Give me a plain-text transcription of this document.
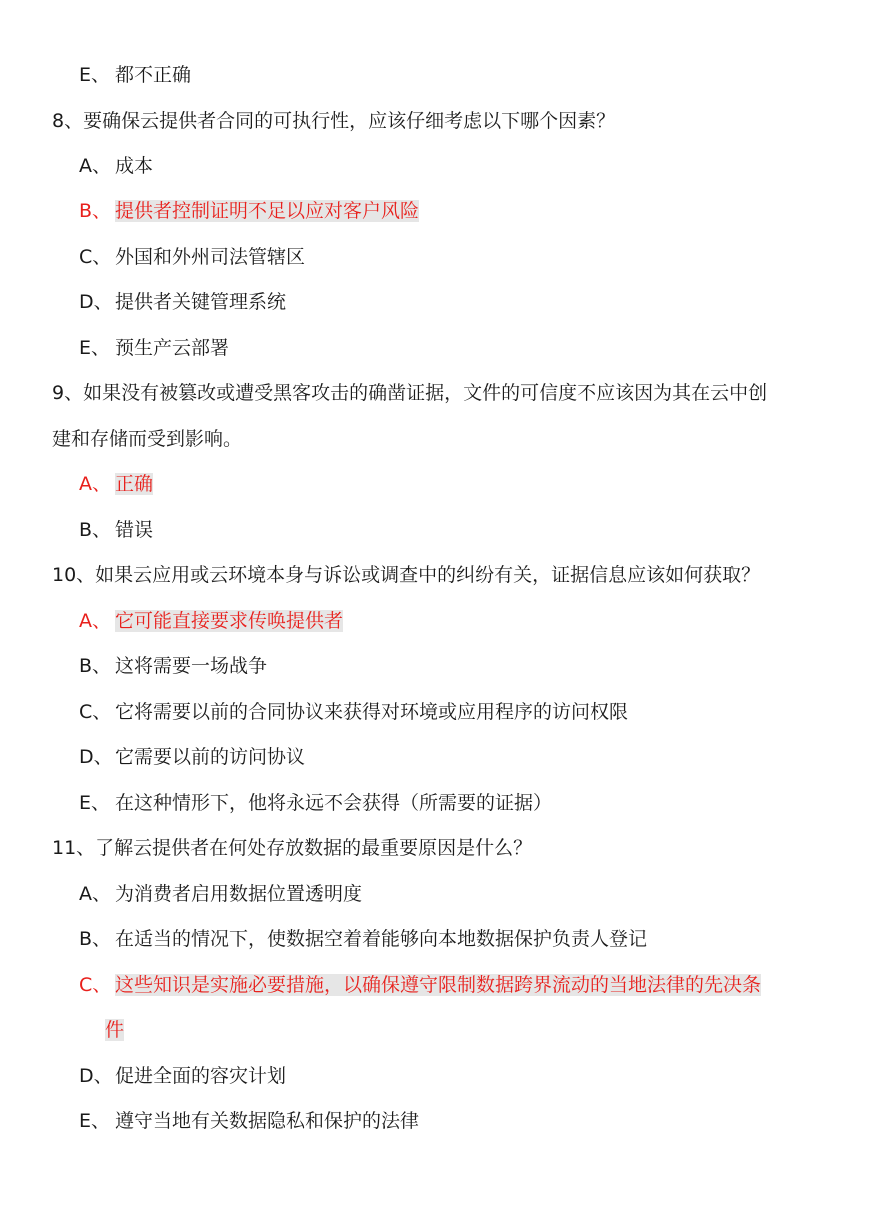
E、 都不正确
8、要确保云提供者合同的可执行性，应该仔细考虑以下哪个因素？
A、 成本
B、 提供者控制证明不足以应对客户风险
C、 外国和外州司法管辖区
D、 提供者关键管理系统
E、 预生产云部署
9、如果没有被篡改或遭受黑客攻击的确凿证据，文件的可信度不应该因为其在云中创
建和存储而受到影响。
A、 正确
B、 错误
10、如果云应用或云环境本身与诉讼或调查中的纠纷有关，证据信息应该如何获取？
A、 它可能直接要求传唤提供者
B、 这将需要一场战争
C、 它将需要以前的合同协议来获得对环境或应用程序的访问权限
D、 它需要以前的访问协议
E、 在这种情形下，他将永远不会获得（所需要的证据）
11、了解云提供者在何处存放数据的最重要原因是什么？
A、 为消费者启用数据位置透明度
B、 在适当的情况下，使数据空着着能够向本地数据保护负责人登记
C、 这些知识是实施必要措施，以确保遵守限制数据跨界流动的当地法律的先决条
件
D、 促进全面的容灾计划
E、 遵守当地有关数据隐私和保护的法律
